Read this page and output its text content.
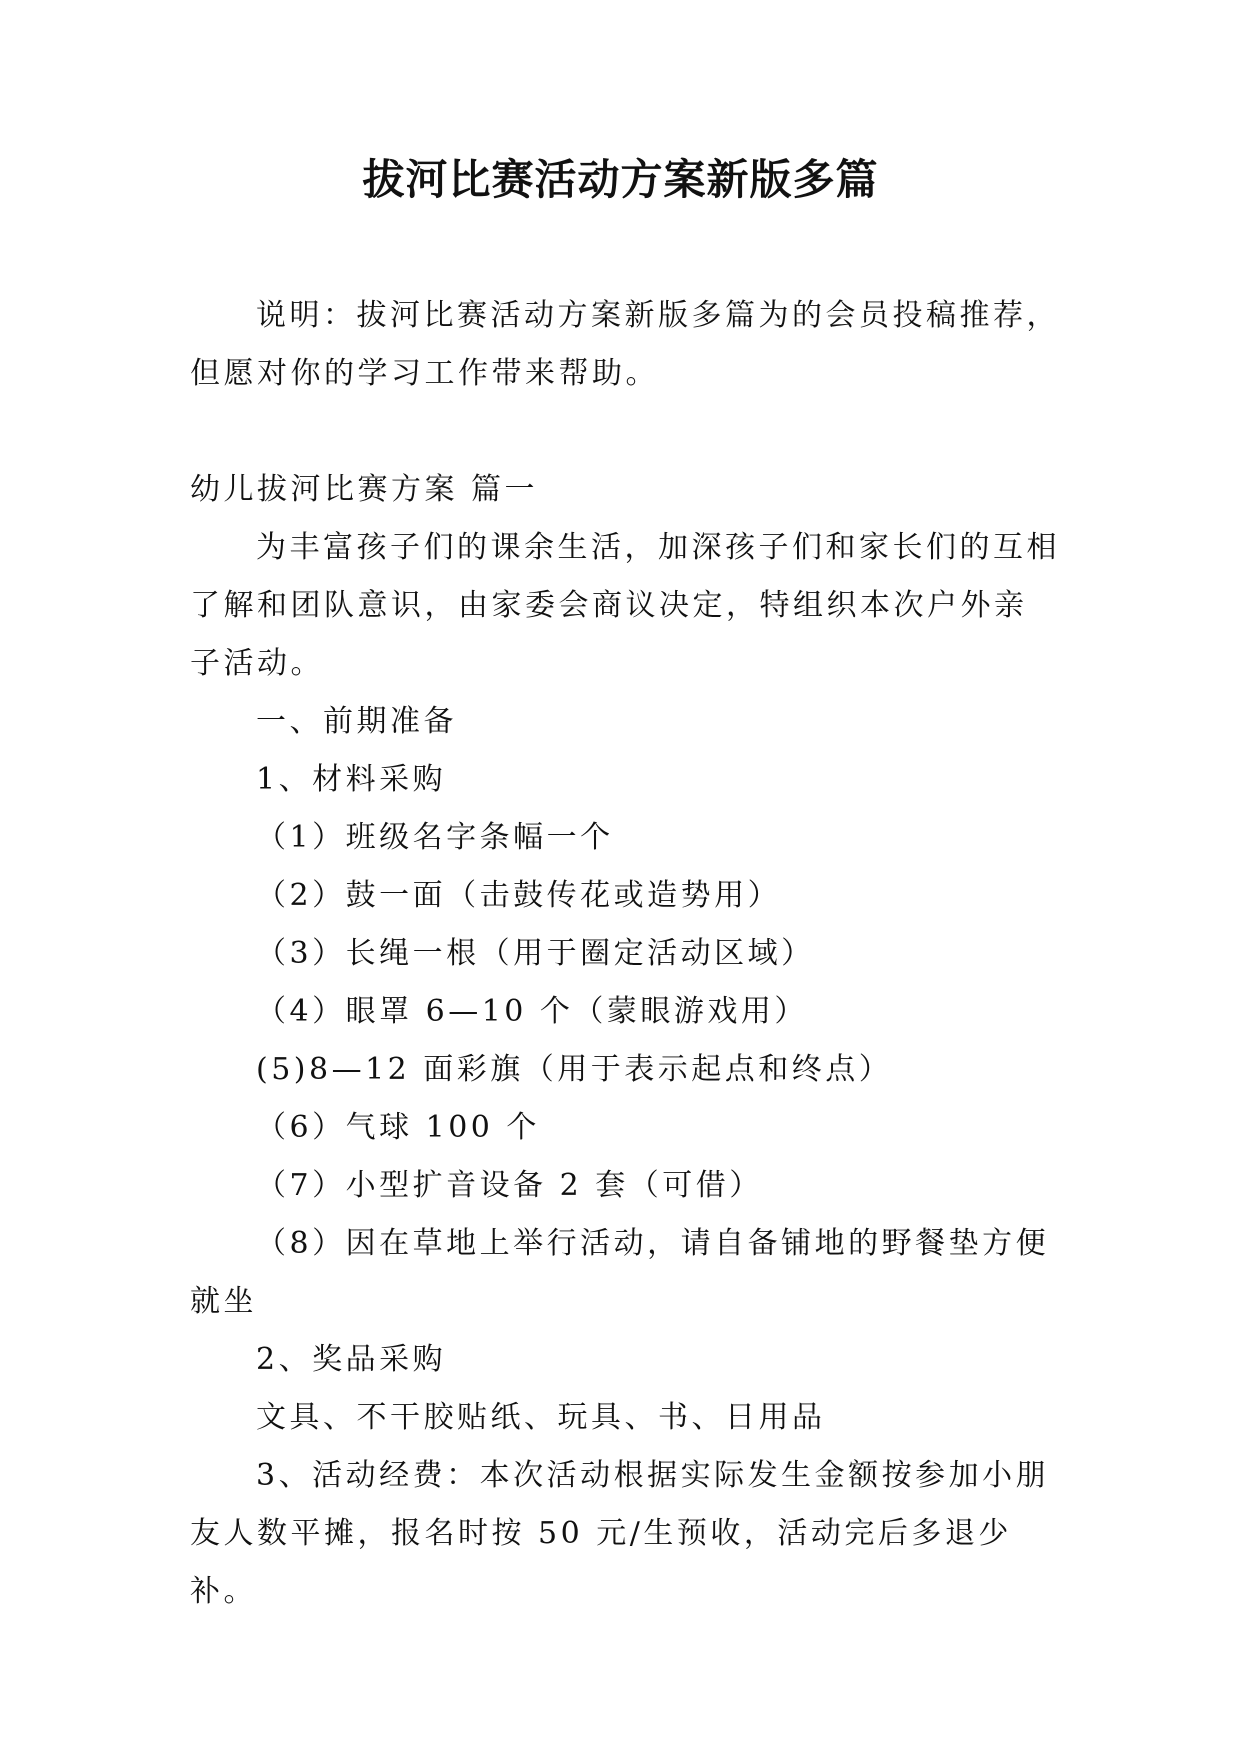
拔河比赛活动方案新版多篇

说明：拔河比赛活动方案新版多篇为的会员投稿推荐，但愿对你的学习工作带来帮助。

幼儿拔河比赛方案 篇一

为丰富孩子们的课余生活，加深孩子们和家长们的互相了解和团队意识，由家委会商议决定，特组织本次户外亲子活动。

一、前期准备

1、材料采购

（1）班级名字条幅一个

（2）鼓一面（击鼓传花或造势用）

（3）长绳一根（用于圈定活动区域）

（4）眼罩 6—10 个（蒙眼游戏用）

(5)8—12 面彩旗（用于表示起点和终点）

（6）气球 100 个

（7）小型扩音设备 2 套（可借）

（8）因在草地上举行活动，请自备铺地的野餐垫方便就坐

2、奖品采购

文具、不干胶贴纸、玩具、书、日用品

3、活动经费：本次活动根据实际发生金额按参加小朋友人数平摊，报名时按 50 元/生预收，活动完后多退少补。
